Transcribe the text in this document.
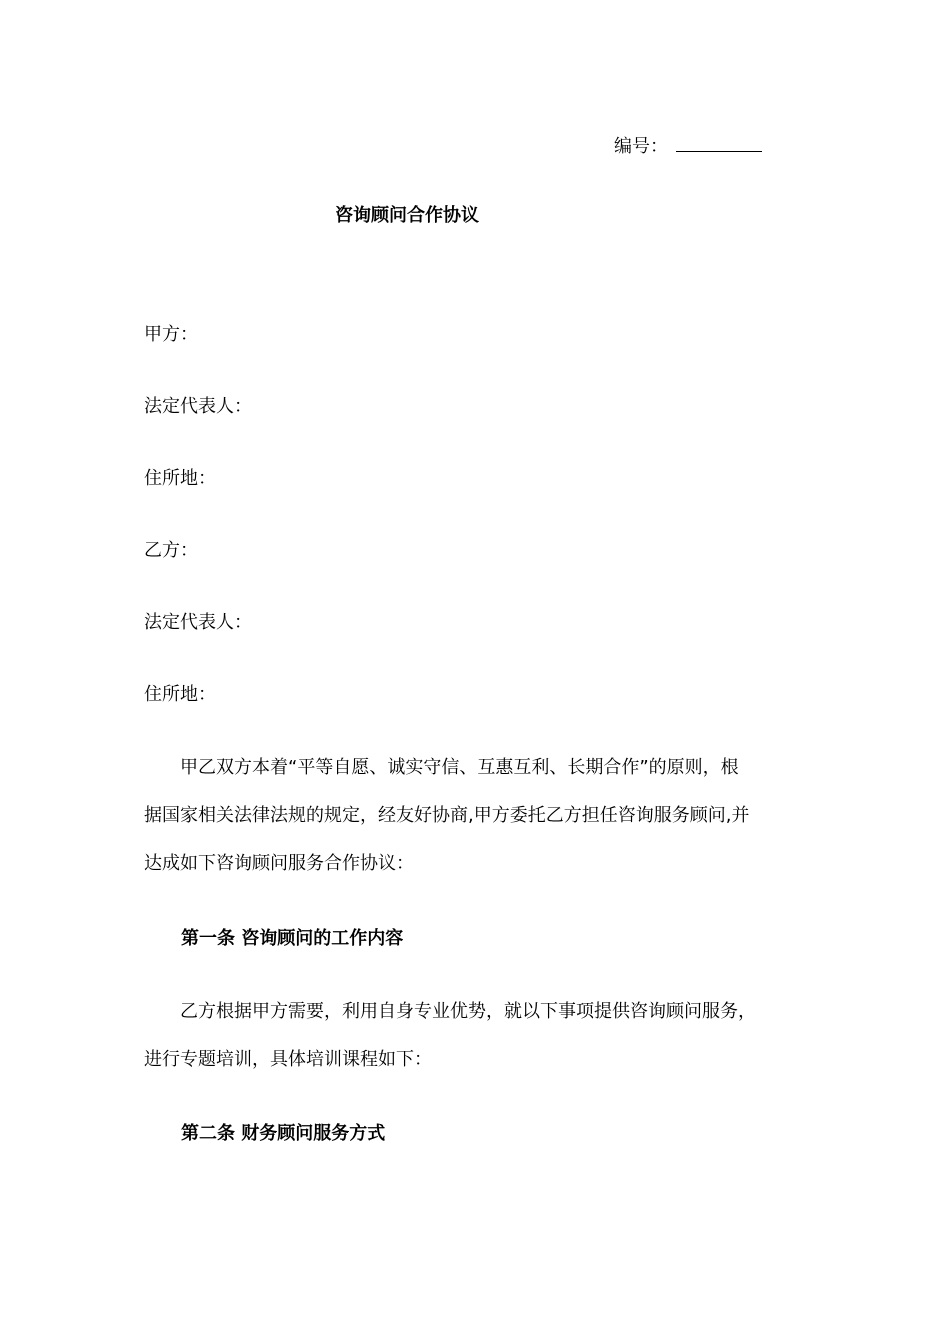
编号：
咨询顾问合作协议
甲方：
法定代表人：
住所地：
乙方：
法定代表人：
住所地：
　　甲乙双方本着“平等自愿、诚实守信、互惠互利、长期合作”的原则，根
据国家相关法律法规的规定，经友好协商,甲方委托乙方担任咨询服务顾问,并
达成如下咨询顾问服务合作协议：
第一条 咨询顾问的工作内容
　　乙方根据甲方需要，利用自身专业优势，就以下事项提供咨询顾问服务，
进行专题培训，具体培训课程如下：
第二条 财务顾问服务方式
